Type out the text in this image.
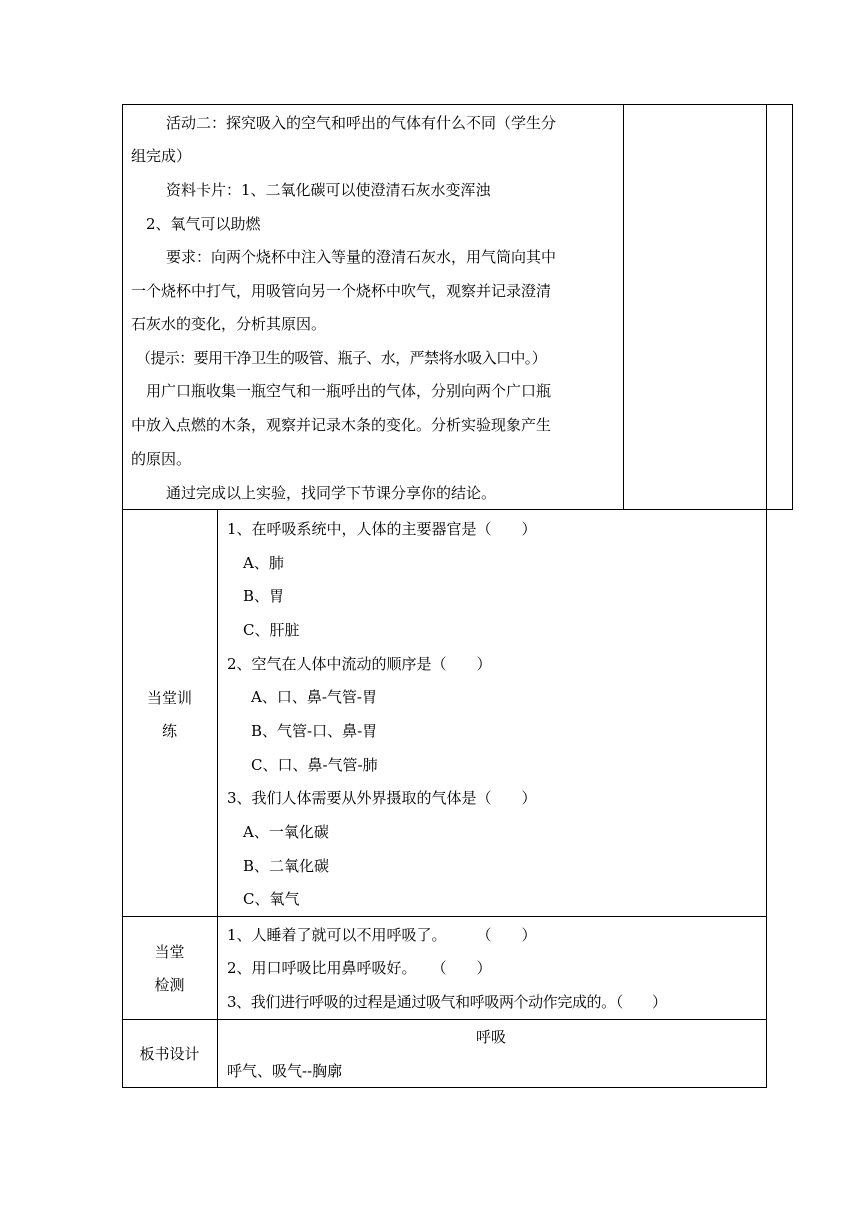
活动二：探究吸入的空气和呼出的气体有什么不同（学生分
组完成）
资料卡片：1、二氧化碳可以使澄清石灰水变浑浊
2、氧气可以助燃
要求：向两个烧杯中注入等量的澄清石灰水，用气筒向其中
一个烧杯中打气，用吸管向另一个烧杯中吹气，观察并记录澄清
石灰水的变化，分析其原因。
（提示：要用干净卫生的吸管、瓶子、水，严禁将水吸入口中。）
用广口瓶收集一瓶空气和一瓶呼出的气体，分别向两个广口瓶
中放入点燃的木条，观察并记录木条的变化。分析实验现象产生
的原因。
通过完成以上实验，找同学下节课分享你的结论。
当堂训
练
1、在呼吸系统中，人体的主要器官是（　　）
A、肺
B、胃
C、肝脏
2、空气在人体中流动的顺序是（　　）
A、口、鼻-气管-胃
B、气管-口、鼻-胃
C、口、鼻-气管-肺
3、我们人体需要从外界摄取的气体是（　　）
A、一氧化碳
B、二氧化碳
C、氧气
当堂
检测
1、人睡着了就可以不用呼吸了。　　　（　　）
2、用口呼吸比用鼻呼吸好。　　（　　）
3、我们进行呼吸的过程是通过吸气和呼吸两个动作完成的。（　　）
板书设计
呼吸
呼气、吸气--胸廓
